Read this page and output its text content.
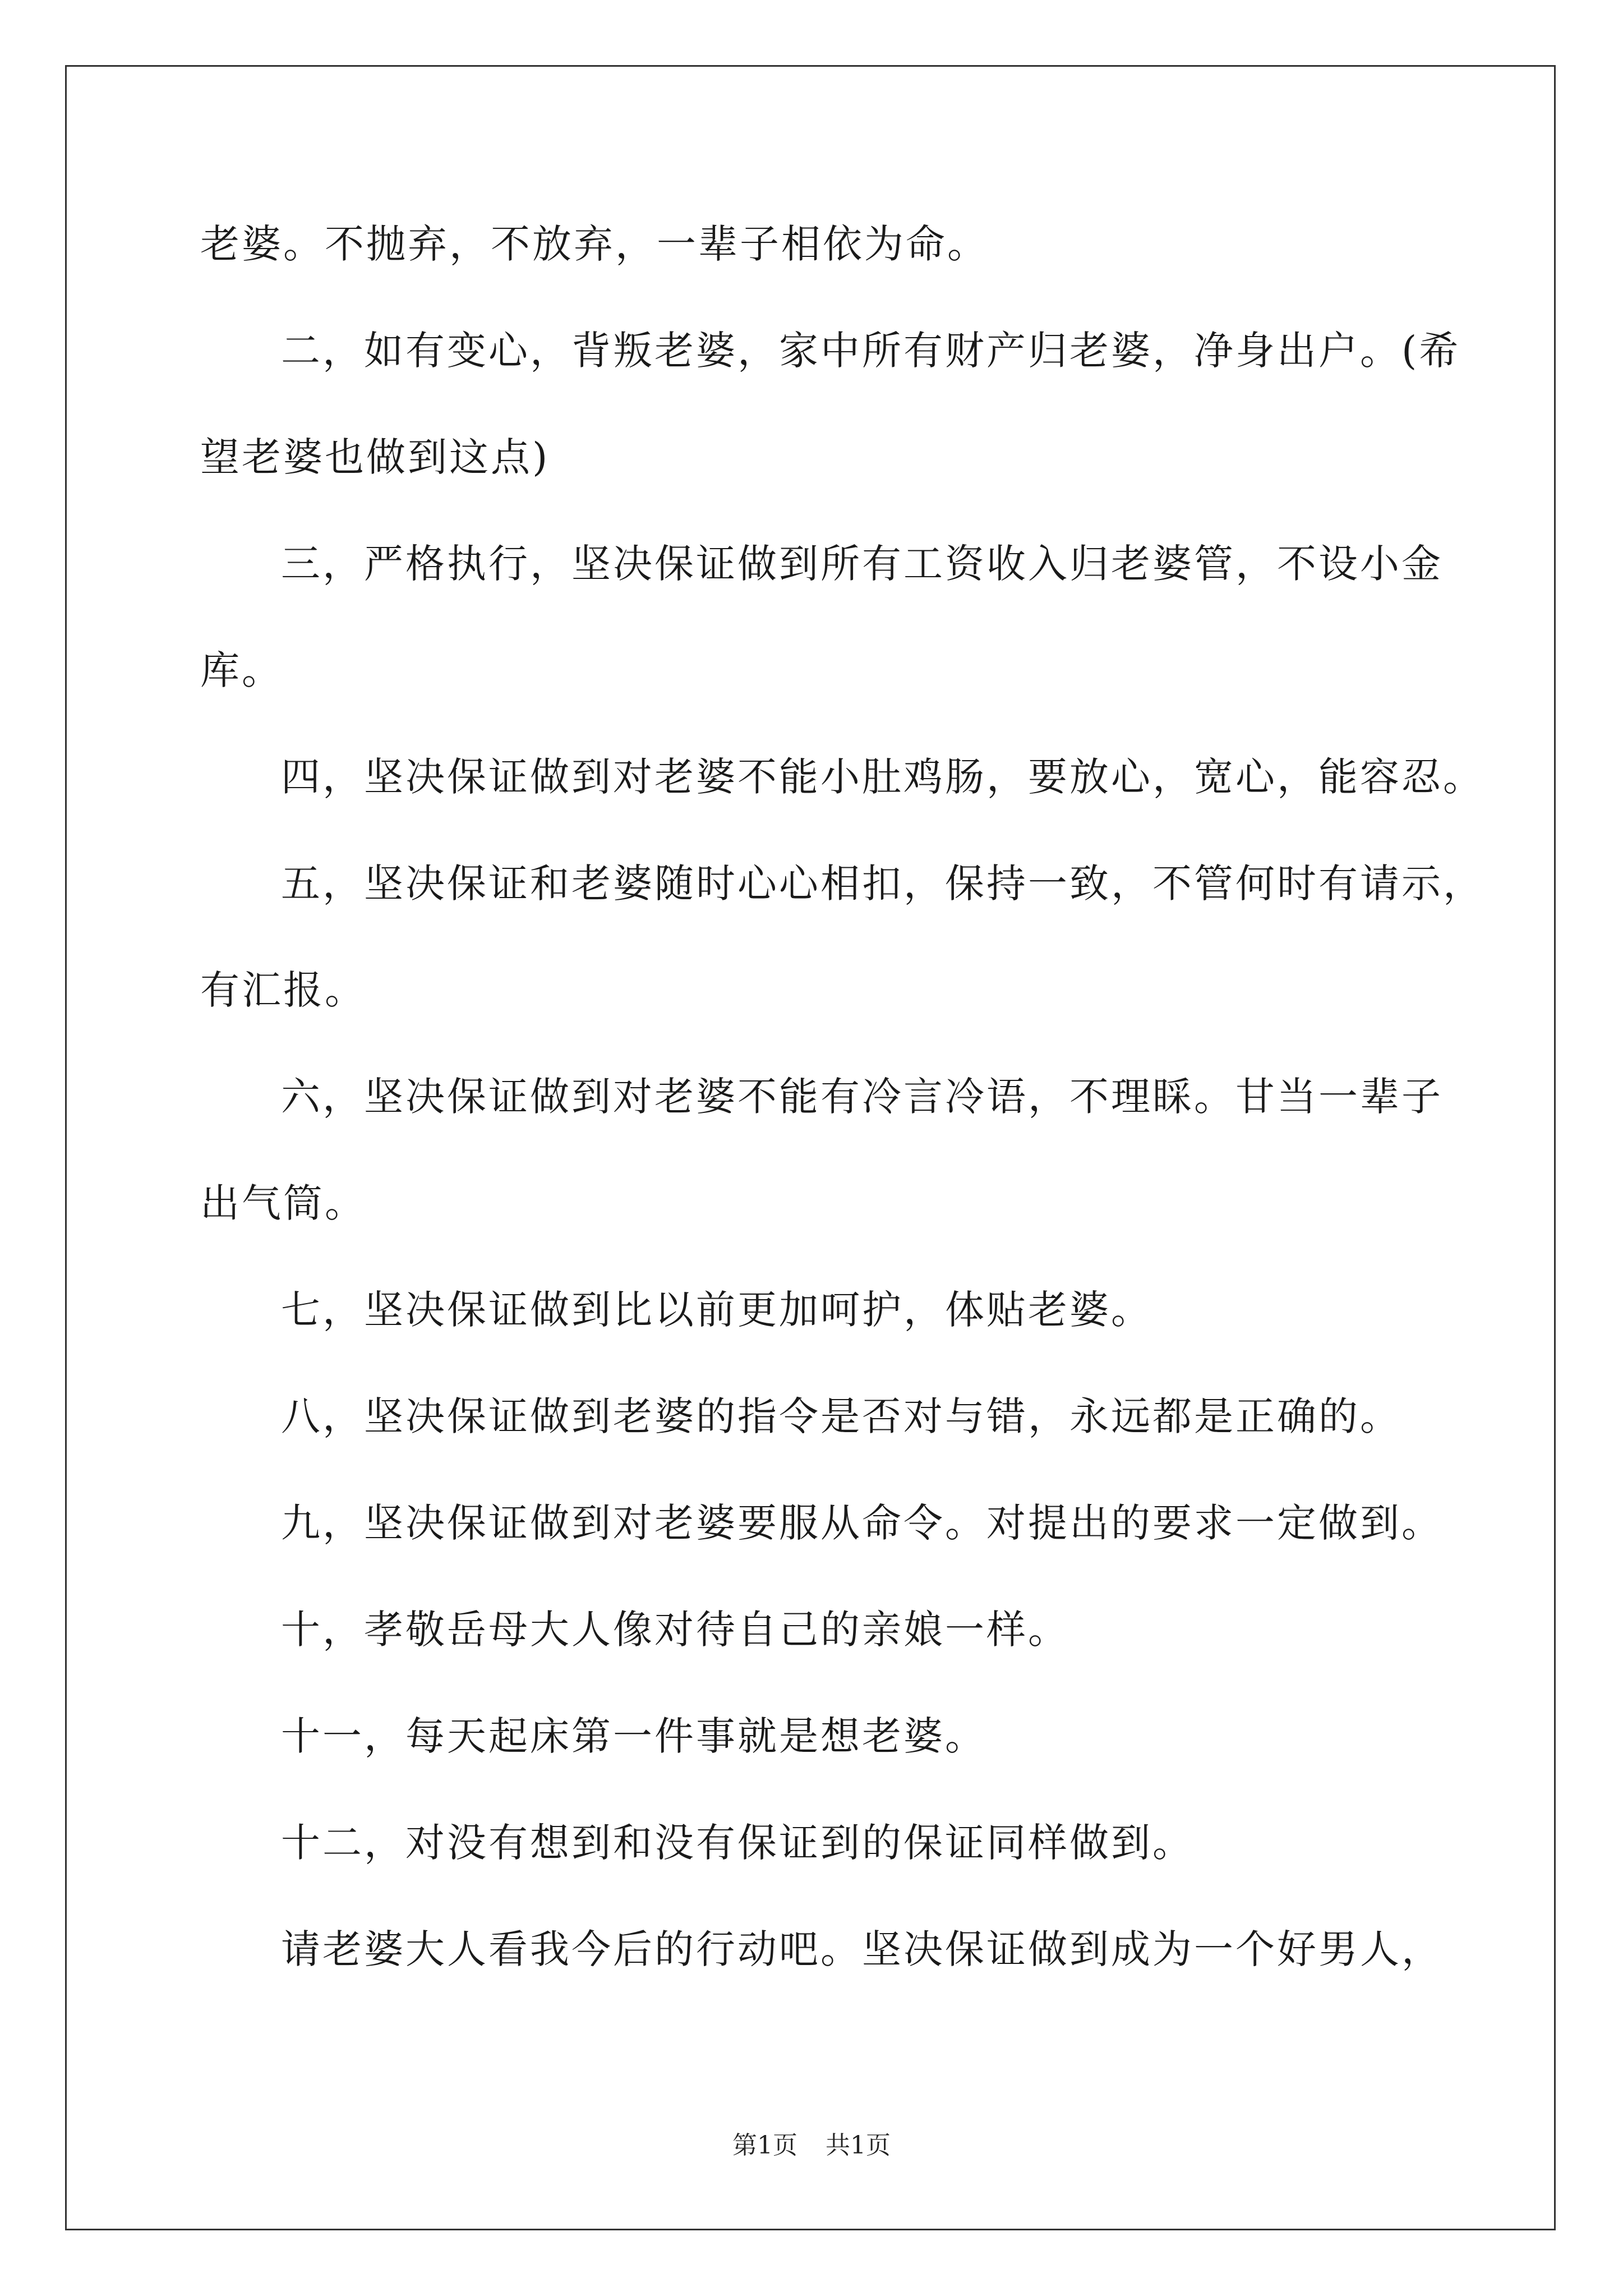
老婆。不抛弃，不放弃，一辈子相依为命。
二，如有变心，背叛老婆，家中所有财产归老婆，净身出户。(希
望老婆也做到这点)
三，严格执行，坚决保证做到所有工资收入归老婆管，不设小金
库。
四，坚决保证做到对老婆不能小肚鸡肠，要放心，宽心，能容忍。
五，坚决保证和老婆随时心心相扣，保持一致，不管何时有请示，
有汇报。
六，坚决保证做到对老婆不能有冷言冷语，不理睬。甘当一辈子
出气筒。
七，坚决保证做到比以前更加呵护，体贴老婆。
八，坚决保证做到老婆的指令是否对与错，永远都是正确的。
九，坚决保证做到对老婆要服从命令。对提出的要求一定做到。
十，孝敬岳母大人像对待自己的亲娘一样。
十一，每天起床第一件事就是想老婆。
十二，对没有想到和没有保证到的保证同样做到。
请老婆大人看我今后的行动吧。坚决保证做到成为一个好男人，
第1页 共1页
